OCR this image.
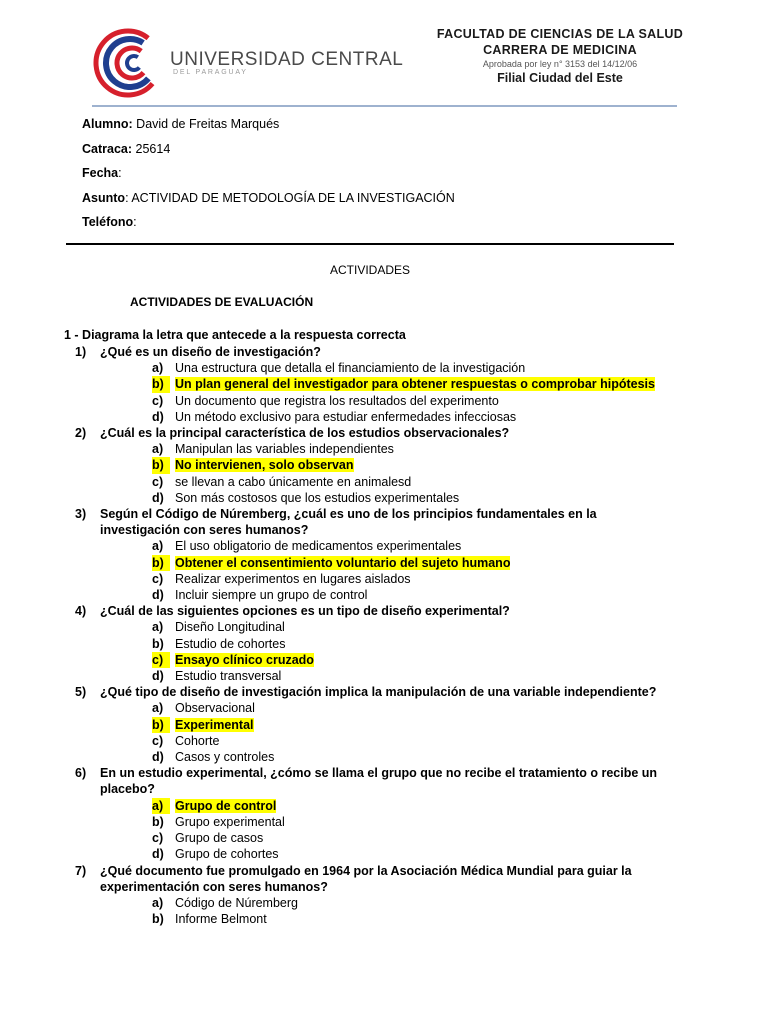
UNIVERSIDAD CENTRAL
DEL PARAGUAY
FACULTAD DE CIENCIAS DE LA SALUD
CARRERA DE MEDICINA
Aprobada por ley n° 3153 del 14/12/06
Filial Ciudad del Este
Alumno: David de Freitas Marqués
Catraca: 25614
Fecha:
Asunto: ACTIVIDAD DE METODOLOGÍA DE LA INVESTIGACIÓN
Teléfono:
ACTIVIDADES
ACTIVIDADES DE EVALUACIÓN
1 - Diagrama la letra que antecede a la respuesta correcta
1)	¿Qué es un diseño de investigación?
a) Una estructura que detalla el financiamiento de la investigación
b) Un plan general del investigador para obtener respuestas o comprobar hipótesis
c) Un documento que registra los resultados del experimento
d) Un método exclusivo para estudiar enfermedades infecciosas
2)	¿Cuál es la principal característica de los estudios observacionales?
a) Manipulan las variables independientes
b) No intervienen, solo observan
c) se llevan a cabo únicamente en animalesd
d) Son más costosos que los estudios experimentales
3)	Según el Código de Núremberg, ¿cuál es uno de los principios fundamentales en la investigación con seres humanos?
a) El uso obligatorio de medicamentos experimentales
b) Obtener el consentimiento voluntario del sujeto humano
c) Realizar experimentos en lugares aislados
d) Incluir siempre un grupo de control
4)	¿Cuál de las siguientes opciones es un tipo de diseño experimental?
a) Diseño Longitudinal
b) Estudio de cohortes
c) Ensayo clínico cruzado
d) Estudio transversal
5)	¿Qué tipo de diseño de investigación implica la manipulación de una variable independiente?
a) Observacional
b) Experimental
c) Cohorte
d) Casos y controles
6)	En un estudio experimental, ¿cómo se llama el grupo que no recibe el tratamiento o recibe un placebo?
a) Grupo de control
b) Grupo experimental
c) Grupo de casos
d) Grupo de cohortes
7)	¿Qué documento fue promulgado en 1964 por la Asociación Médica Mundial para guiar la experimentación con seres humanos?
a) Código de Núremberg
b) Informe Belmont
